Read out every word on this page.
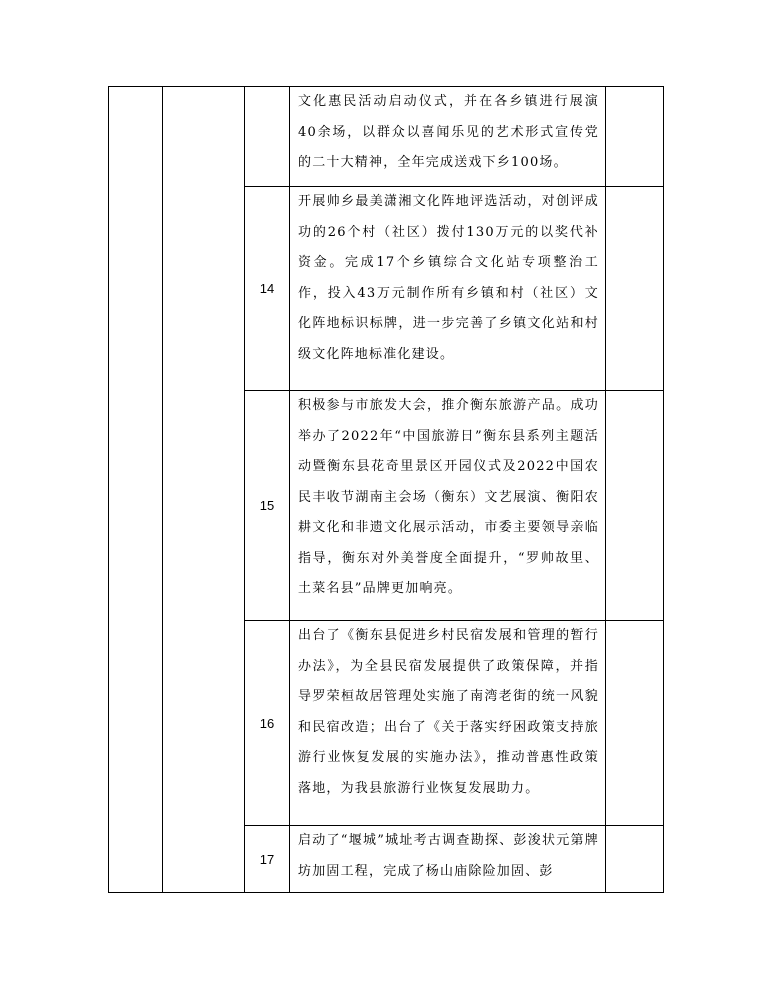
			文化惠民活动启动仪式，并在各乡镇进行展演40余场，以群众以喜闻乐见的艺术形式宣传党的二十大精神，全年完成送戏下乡100场。	

		14	开展帅乡最美潇湘文化阵地评选活动，对创评成功的26个村（社区）拨付130万元的以奖代补资金。完成17个乡镇综合文化站专项整治工作，投入43万元制作所有乡镇和村（社区）文化阵地标识标牌，进一步完善了乡镇文化站和村级文化阵地标准化建设。	

		15	积极参与市旅发大会，推介衡东旅游产品。成功举办了2022年“中国旅游日”衡东县系列主题活动暨衡东县花奇里景区开园仪式及2022中国农民丰收节湖南主会场（衡东）文艺展演、衡阳农耕文化和非遗文化展示活动，市委主要领导亲临指导，衡东对外美誉度全面提升，“罗帅故里、土菜名县”品牌更加响亮。	

		16	出台了《衡东县促进乡村民宿发展和管理的暂行办法》，为全县民宿发展提供了政策保障，并指导罗荣桓故居管理处实施了南湾老街的统一风貌和民宿改造；出台了《关于落实纾困政策支持旅游行业恢复发展的实施办法》，推动普惠性政策落地，为我县旅游行业恢复发展助力。	

		17	启动了“堰城”城址考古调查勘探、彭浚状元第牌坊加固工程，完成了杨山庙除险加固、彭	
